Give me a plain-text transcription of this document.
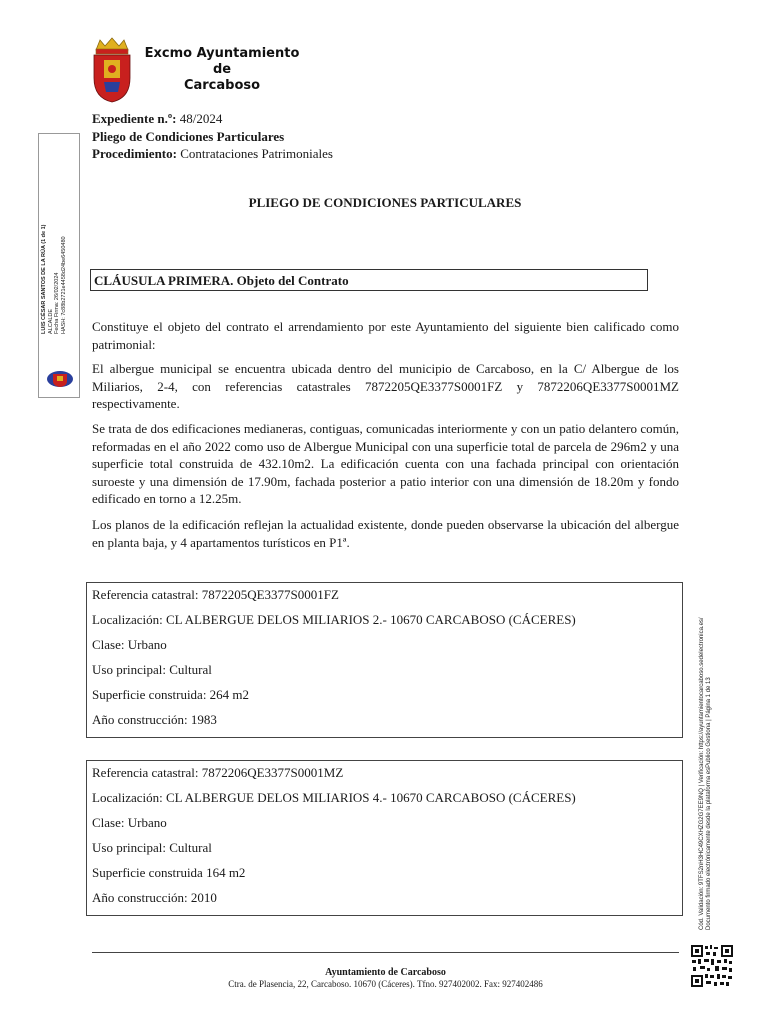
Excmo Ayuntamiento
de
Carcaboso
Expediente n.º: 48/2024
Pliego de Condiciones Particulares
Procedimiento: Contrataciones Patrimoniales
PLIEGO DE CONDICIONES PARTICULARES
CLÁUSULA PRIMERA. Objeto del Contrato
Constituye el objeto del contrato el arrendamiento por este Ayuntamiento del siguiente bien calificado como patrimonial:
El albergue municipal se encuentra ubicada dentro del municipio de Carcaboso, en la C/ Albergue de los Miliarios, 2-4, con referencias catastrales 7872205QE3377S0001FZ y 7872206QE3377S0001MZ respectivamente.
Se trata de dos edificaciones medianeras, contiguas, comunicadas interiormente y con un patio delantero común, reformadas en el año 2022 como uso de Albergue Municipal con una superficie total de parcela de 296m2 y una superficie total construida de 432.10m2. La edificación cuenta con una fachada principal con orientación suroeste y una dimensión de 17.90m, fachada posterior a patio interior con una dimensión de 18.20m y fondo edificado en torno a 12.25m.
Los planos de la edificación reflejan la actualidad existente, donde pueden observarse la ubicación del albergue en planta baja, y 4 apartamentos turísticos en P1ª.
Referencia catastral: 7872205QE3377S0001FZ
Localización: CL ALBERGUE DELOS MILIARIOS 2.- 10670 CARCABOSO (CÁCERES)
Clase: Urbano
Uso principal: Cultural
Superficie construida: 264 m2
Año construcción: 1983
Referencia catastral: 7872206QE3377S0001MZ
Localización: CL ALBERGUE DELOS MILIARIOS 4.- 10670 CARCABOSO (CÁCERES)
Clase: Urbano
Uso principal: Cultural
Superficie construida 164 m2
Año construcción: 2010
LUIS CÉSAR SANTOS DE LA RÚA (1 de 1) ALCALDE Fecha Firma: 26/02/2024 HASH: 7c88b2721e4458d24be6450480
Cód. Validación: 9TFS2nH3HC49CXHZG2G7EE9NQ | Verificación: https://ayuntamientocarcaboso.sedelectronica.es/ Documento firmado electrónicamente desde la plataforma esPublico Gestiona | Página 1 de 13
Ayuntamiento de Carcaboso
Ctra. de Plasencia, 22, Carcaboso. 10670 (Cáceres). Tfno. 927402002. Fax: 927402486
